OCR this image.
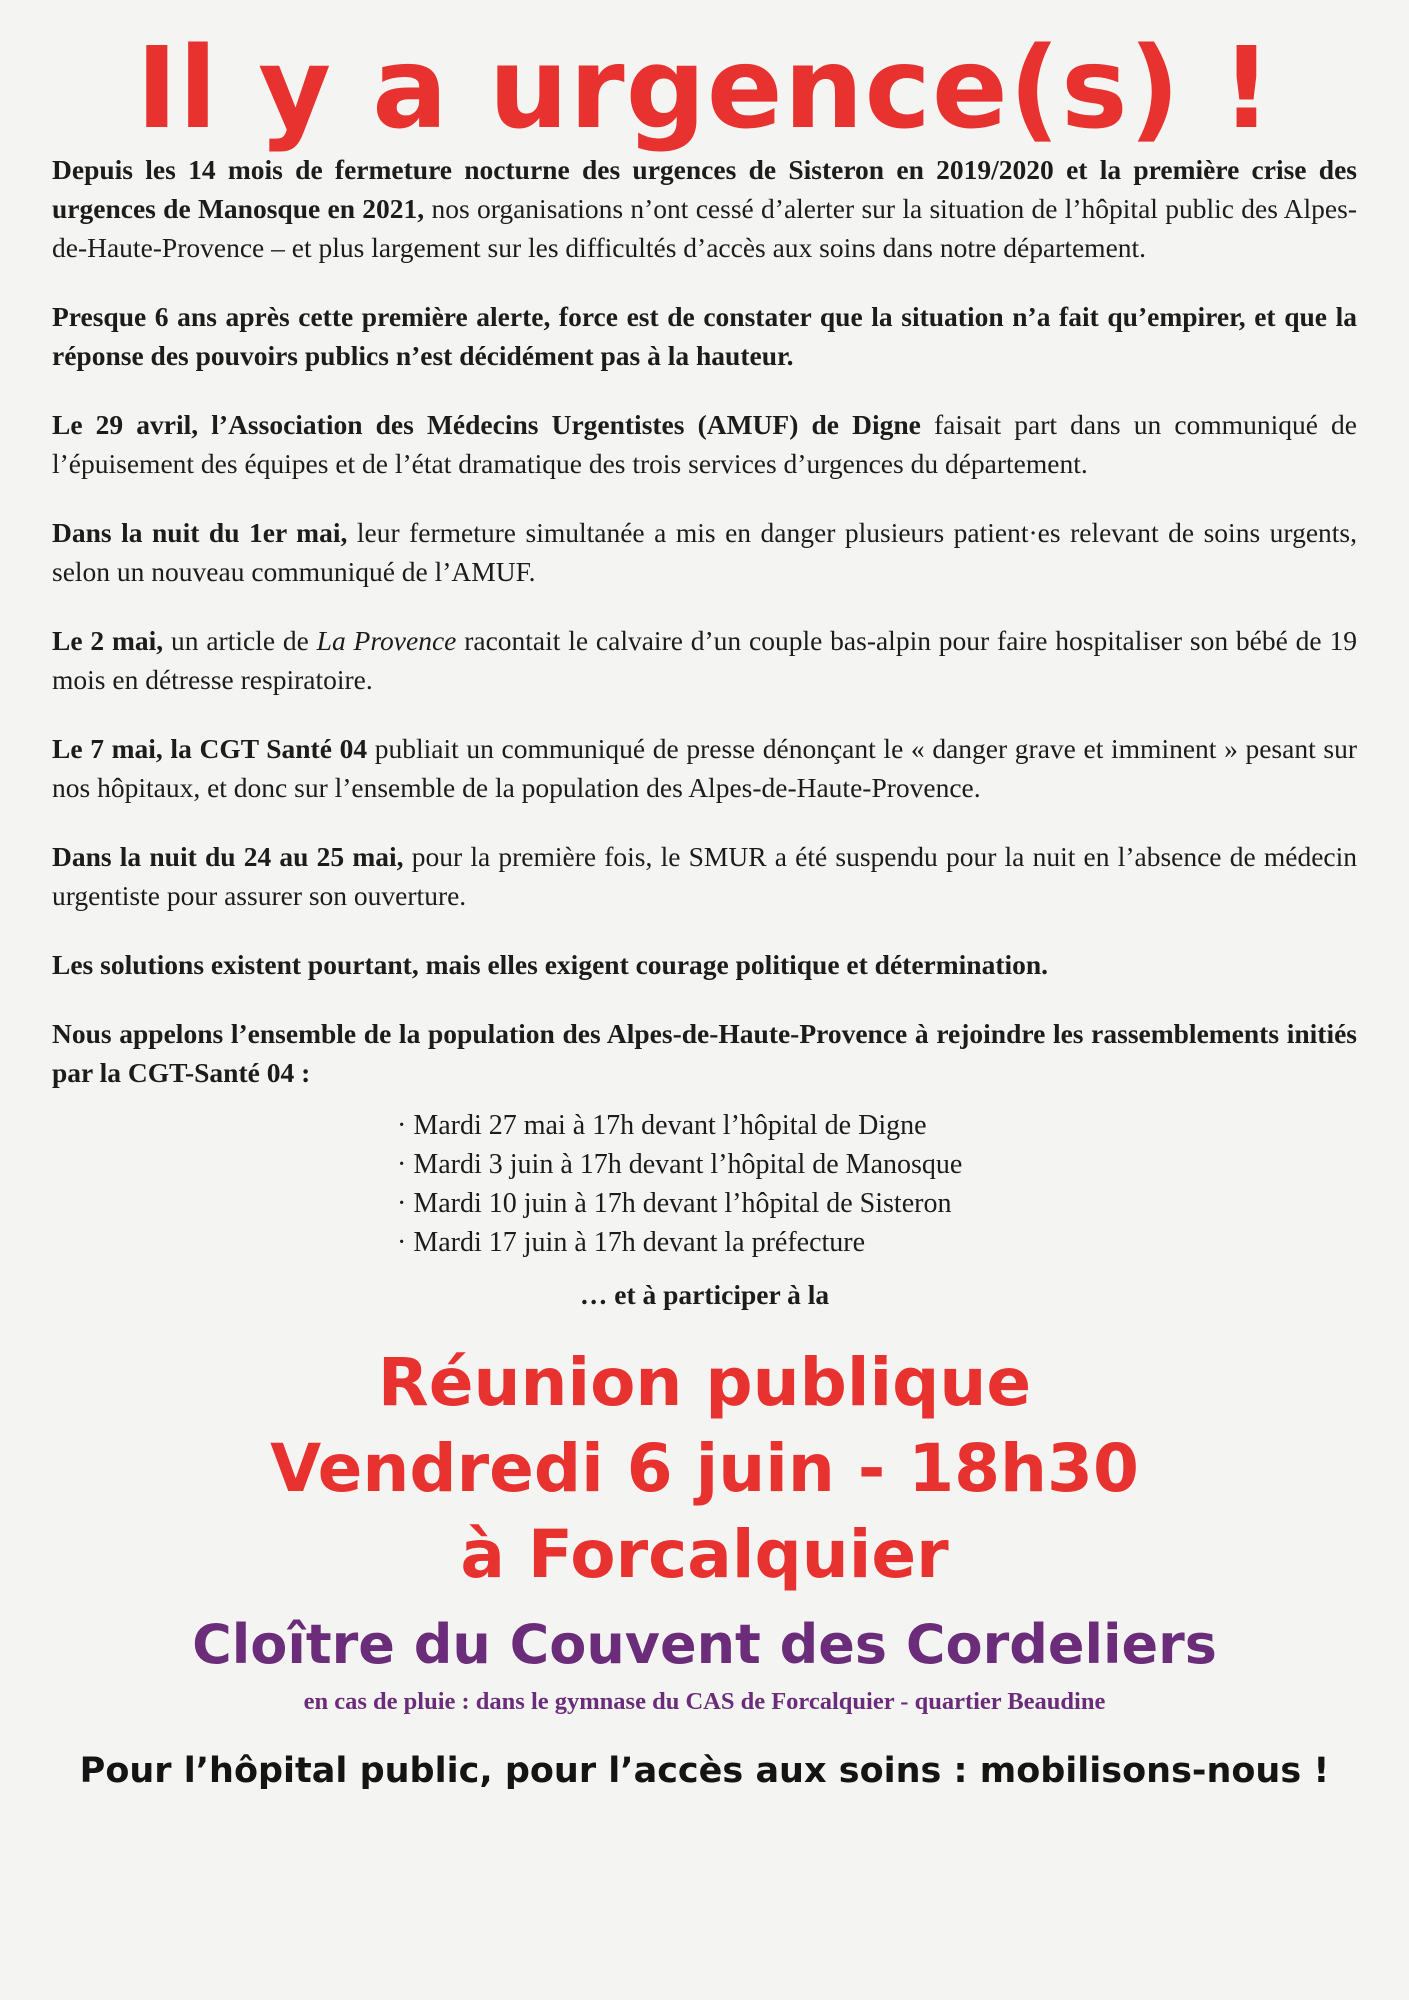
Il y a urgence(s) !

Depuis les 14 mois de fermeture nocturne des urgences de Sisteron en 2019/2020 et la première crise des urgences de Manosque en 2021, nos organisations n’ont cessé d’alerter sur la situation de l’hôpital public des Alpes-de-Haute-Provence – et plus largement sur les difficultés d’accès aux soins dans notre département.

Presque 6 ans après cette première alerte, force est de constater que la situation n’a fait qu’empirer, et que la réponse des pouvoirs publics n’est décidément pas à la hauteur.

Le 29 avril, l’Association des Médecins Urgentistes (AMUF) de Digne faisait part dans un communiqué de l’épuisement des équipes et de l’état dramatique des trois services d’urgences du département.

Dans la nuit du 1er mai, leur fermeture simultanée a mis en danger plusieurs patient·es relevant de soins urgents, selon un nouveau communiqué de l’AMUF.

Le 2 mai, un article de La Provence racontait le calvaire d’un couple bas-alpin pour faire hospitaliser son bébé de 19 mois en détresse respiratoire.

Le 7 mai, la CGT Santé 04 publiait un communiqué de presse dénonçant le « danger grave et imminent » pesant sur nos hôpitaux, et donc sur l’ensemble de la population des Alpes-de-Haute-Provence.

Dans la nuit du 24 au 25 mai, pour la première fois, le SMUR a été suspendu pour la nuit en l’absence de médecin urgentiste pour assurer son ouverture.

Les solutions existent pourtant, mais elles exigent courage politique et détermination.

Nous appelons l’ensemble de la population des Alpes-de-Haute-Provence à rejoindre les rassemblements initiés par la CGT-Santé 04 :

· Mardi 27 mai à 17h devant l’hôpital de Digne
· Mardi 3 juin à 17h devant l’hôpital de Manosque
· Mardi 10 juin à 17h devant l’hôpital de Sisteron
· Mardi 17 juin à 17h devant la préfecture

… et à participer à la

Réunion publique
Vendredi 6 juin - 18h30
à Forcalquier
Cloître du Couvent des Cordeliers
en cas de pluie : dans le gymnase du CAS de Forcalquier - quartier Beaudine
Pour l’hôpital public, pour l’accès aux soins : mobilisons-nous !
